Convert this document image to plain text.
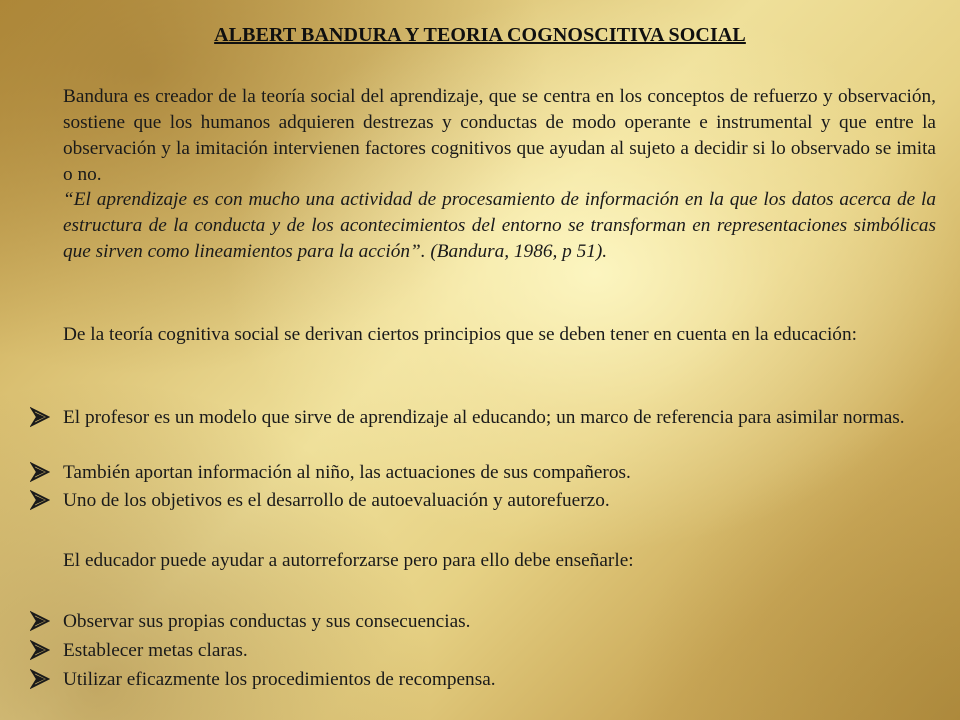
ALBERT BANDURA Y TEORIA COGNOSCITIVA SOCIAL
Bandura es creador de la teoría social del aprendizaje, que se centra en los conceptos de refuerzo y observación, sostiene que los humanos adquieren destrezas y conductas de modo operante e instrumental y que entre la observación y la imitación intervienen factores cognitivos que ayudan al sujeto a decidir si lo observado se imita o no.
“El aprendizaje es con mucho una actividad de procesamiento de información en la que los datos acerca de la estructura de la conducta y de los acontecimientos del entorno se transforman en representaciones simbólicas que sirven como lineamientos para la acción”. (Bandura, 1986, p 51).
De la teoría cognitiva social se derivan ciertos principios que se deben tener en cuenta en la educación:
El profesor es un modelo que sirve de aprendizaje al educando; un marco de referencia para asimilar normas.
También aportan información al niño, las actuaciones de sus compañeros.
Uno de los objetivos es el desarrollo de autoevaluación y autorefuerzo.
El educador puede ayudar a autorreforzarse pero para ello debe enseñarle:
Observar sus propias conductas y sus consecuencias.
Establecer metas claras.
Utilizar eficazmente los procedimientos de recompensa.
